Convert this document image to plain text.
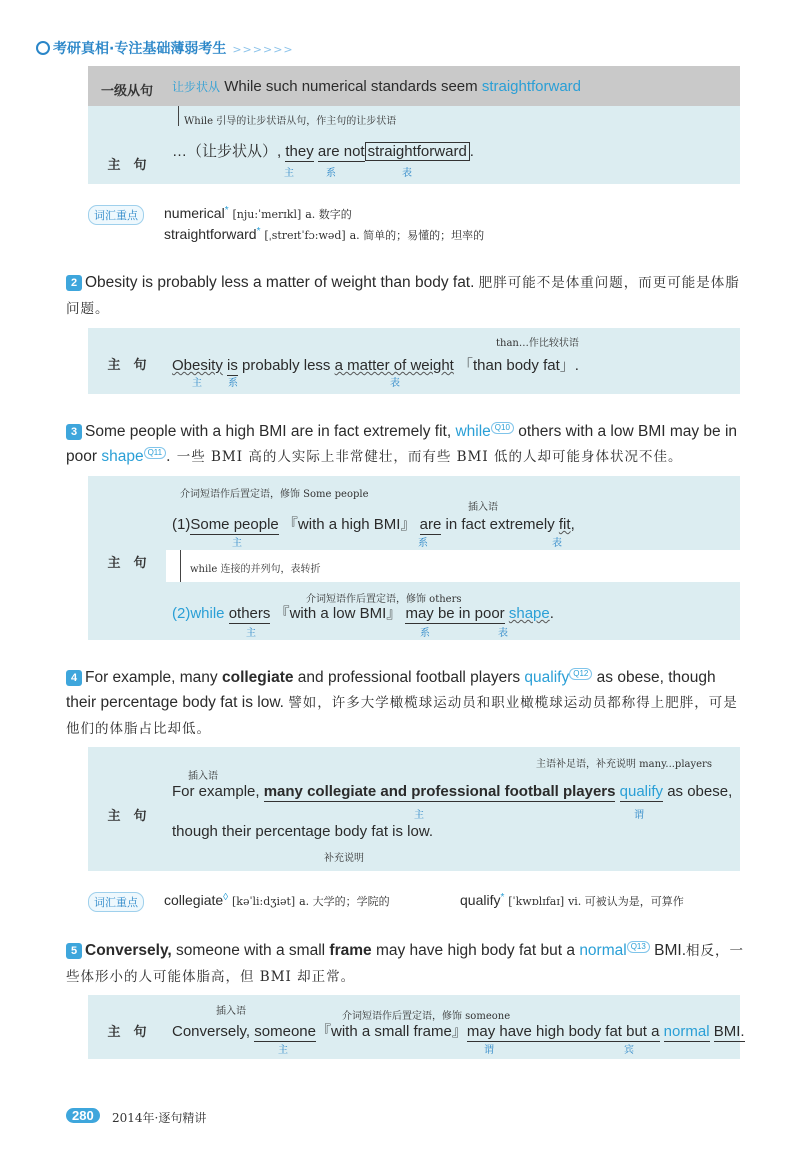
考研真相·专注基础薄弱考生 >>>>>>
一级从句	让步状从 While such numerical standards seem straightforward
While 引导的让步状语从句，作主句的让步状语
主　句
…（让步状从）, they are not straightforward .
主	系	表
词汇重点	numerical* [nju:ˈmerɪkl] a. 数字的
straightforward* [ˌstreɪtˈfɔ:wəd] a. 简单的；易懂的；坦率的
2 Obesity is probably less a matter of weight than body fat. 肥胖可能不是体重问题，而更可能是体脂问题。
主　句
than…作比较状语
Obesity is probably less a matter of weight 「than body fat」.
主	系	表
3 Some people with a high BMI are in fact extremely fit, while Q10 others with a low BMI may be in poor shape Q11 . 一些 BMI 高的人实际上非常健壮，而有些 BMI 低的人却可能身体状况不佳。
主　句
介词短语作后置定语，修饰 Some people
插入语
(1)Some people 『with a high BMI』 are in fact extremely fit,
主	系	表
while 连接的并列句，表转折
介词短语作后置定语，修饰 others
(2)while others 『with a low BMI』 may be in poor shape.
主	系	表
4 For example, many collegiate and professional football players qualify Q12 as obese, though their percentage body fat is low. 譬如，许多大学橄榄球运动员和职业橄榄球运动员都称得上肥胖，可是他们的体脂占比却低。
主　句
主语补足语，补充说明 many...players
插入语
For example, many collegiate and professional football players qualify as obese,
主	谓
though their percentage body fat is low.
补充说明
词汇重点	collegiate◊ [kəˈli:dʒiət] a. 大学的；学院的	qualify* [ˈkwɒlɪfaɪ] vi. 可被认为是，可算作
5 Conversely, someone with a small frame may have high body fat but a normal Q13 BMI.相反，一些体形小的人可能体脂高，但 BMI 却正常。
主　句
插入语	介词短语作后置定语，修饰 someone
Conversely, someone『with a small frame』may have high body fat but a normal BMI.
主	谓	宾
280	2014年·逐句精讲
